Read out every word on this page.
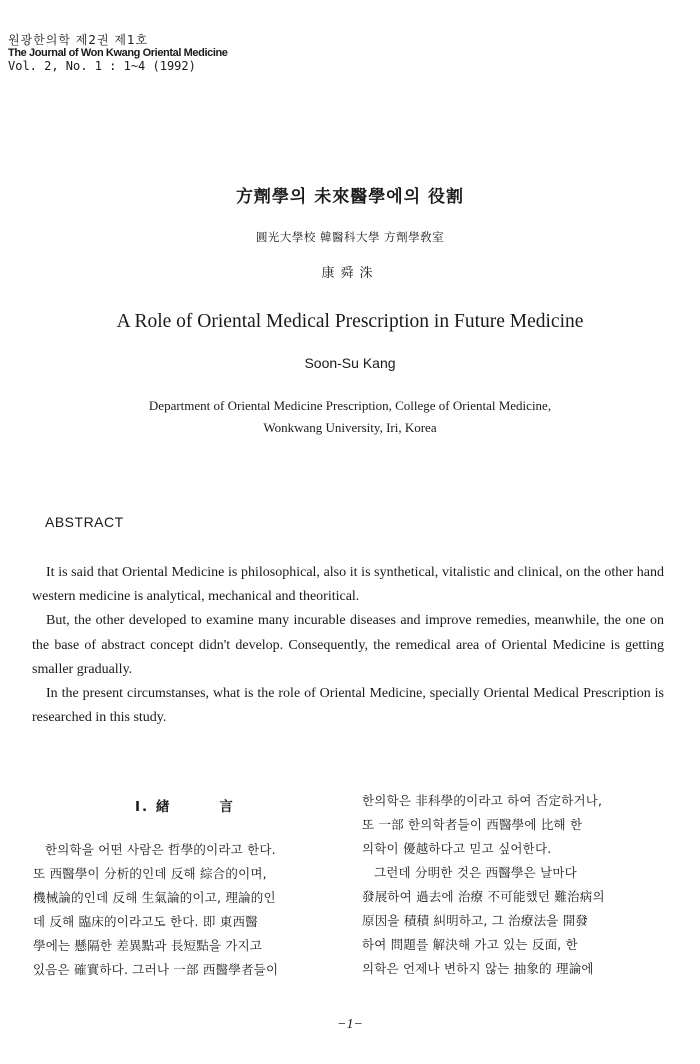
원광한의학 제2권 제1호
The Journal of Won Kwang Oriental Medicine
Vol. 2, No. 1 : 1~4 (1992)
方劑學의 未來醫學에의 役割
圓光大學校 韓醫科大學 方劑學敎室
康舜洙
A Role of Oriental Medical Prescription in Future Medicine
Soon-Su Kang
Department of Oriental Medicine Prescription, College of Oriental Medicine,
Wonkwang University, Iri, Korea
ABSTRACT

It is said that Oriental Medicine is philosophical, also it is synthetical, vitalistic and clinical, on the other hand western medicine is analytical, mechanical and theoritical.

But, the other developed to examine many incurable diseases and improve remedies, meanwhile, the one on the base of abstract concept didn't develop. Consequently, the remedical area of Oriental Medicine is getting smaller gradually.

In the present circumstanses, what is the role of Oriental Medicine, specially Oriental Medical Prescription is researched in this study.

Ⅰ. 緖	言

한의학을 어떤 사람은 哲學的이라고 한다.

또 西醫學이 分析的인데 反해 綜合的이며,

機械論的인데 反해 生氣論的이고, 理論的인

데 反해 臨床的이라고도 한다. 即 東西醫

學에는 懸隔한 差異點과 長短點을 가지고

있음은 確實하다. 그러나 一部 西醫學者들이

한의학은 非科學的이라고 하여 否定하거나,

또 一部 한의학者들이 西醫學에 比해 한

의학이 優越하다고 믿고 싶어한다.

그런데 分明한 것은 西醫學은 날마다

發展하여 過去에 治療 不可能했던 難治病의

原因을 積積 糾明하고, 그 治療法을 開發

하여 問題를 解決해 가고 있는 反面, 한

의학은 언제나 변하지 않는 抽象的 理論에

−1−
